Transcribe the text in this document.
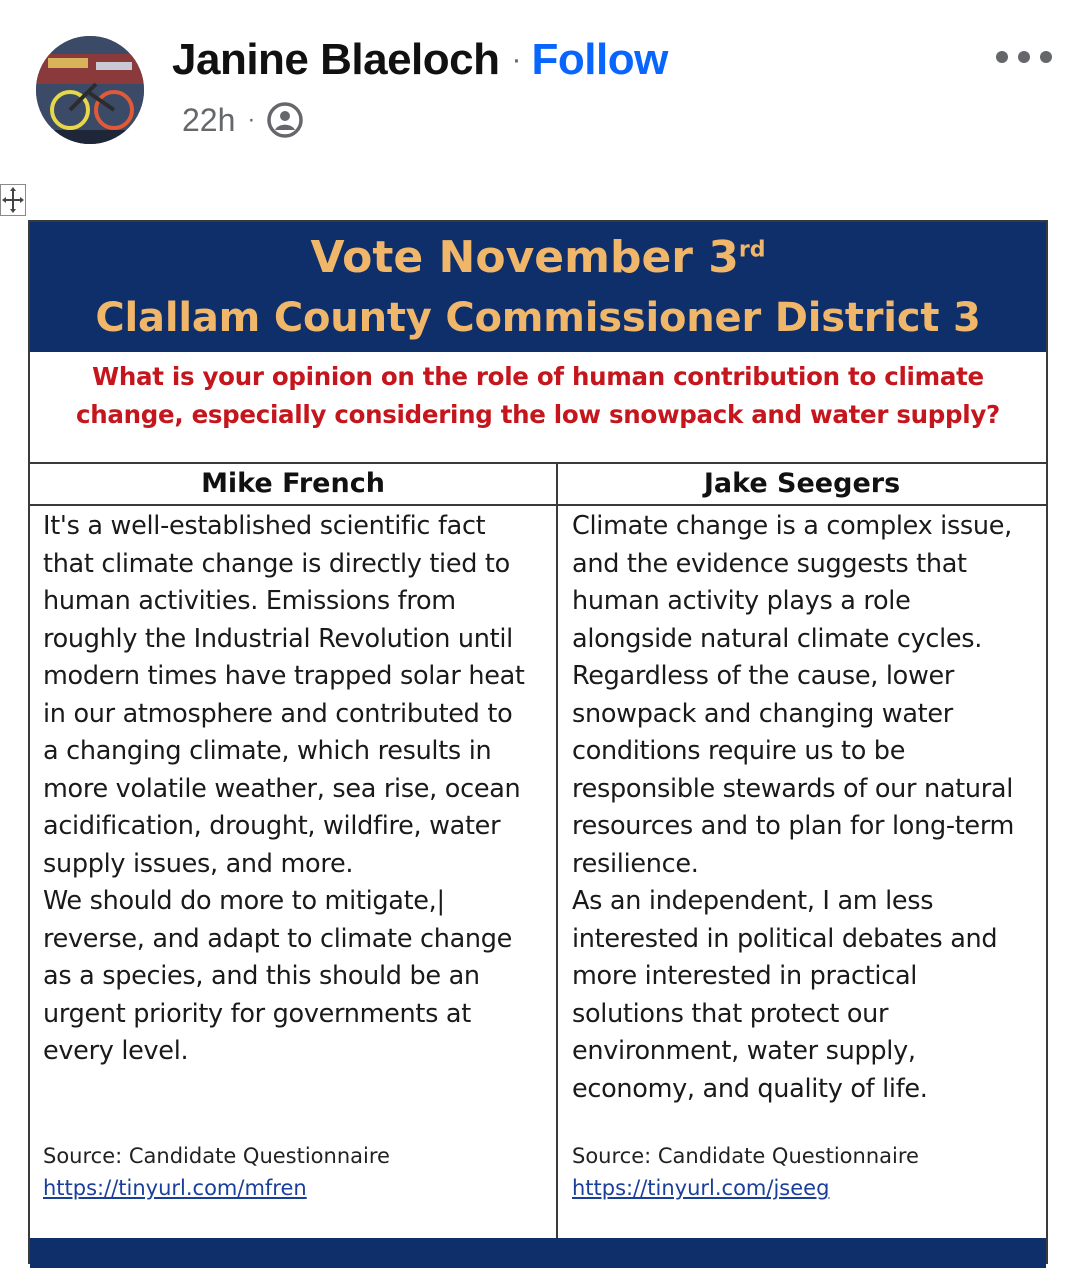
Janine Blaeloch · Follow
22h ·
Vote November 3rd
Clallam County Commissioner District 3
What is your opinion on the role of human contribution to climate
change, especially considering the low snowpack and water supply?
Mike French
It's a well-established scientific fact
that climate change is directly tied to
human activities. Emissions from
roughly the Industrial Revolution until
modern times have trapped solar heat
in our atmosphere and contributed to
a changing climate, which results in
more volatile weather, sea rise, ocean
acidification, drought, wildfire, water
supply issues, and more.
We should do more to mitigate,|
reverse, and adapt to climate change
as a species, and this should be an
urgent priority for governments at
every level.
Source: Candidate Questionnaire
https://tinyurl.com/mfren
Jake Seegers
Climate change is a complex issue,
and the evidence suggests that
human activity plays a role
alongside natural climate cycles.
Regardless of the cause, lower
snowpack and changing water
conditions require us to be
responsible stewards of our natural
resources and to plan for long-term
resilience.
As an independent, I am less
interested in political debates and
more interested in practical
solutions that protect our
environment, water supply,
economy, and quality of life.
Source: Candidate Questionnaire
https://tinyurl.com/jseeg
